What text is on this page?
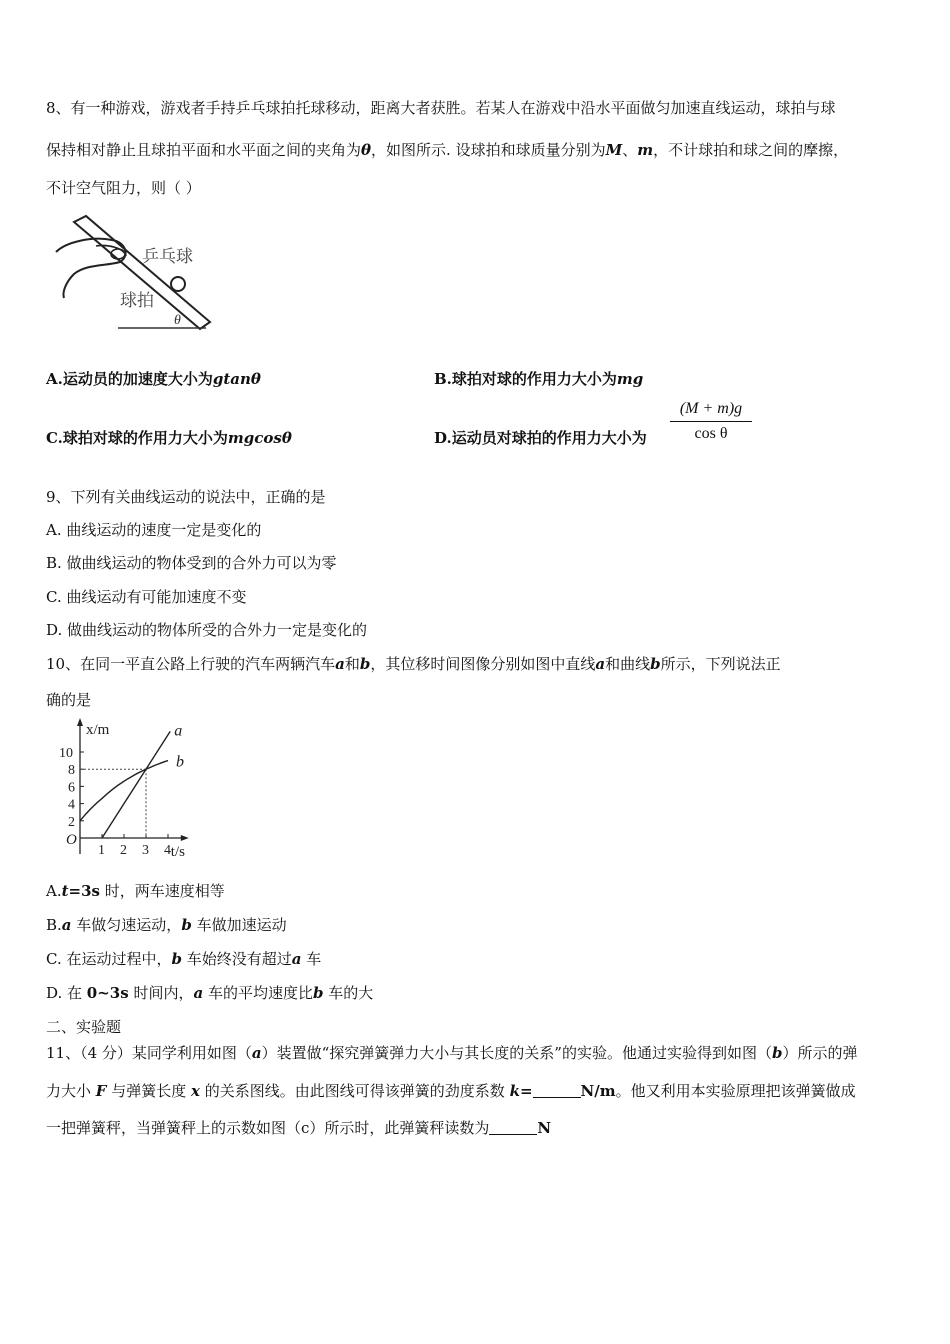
8、有一种游戏，游戏者手持乒乓球拍托球移动，距离大者获胜。若某人在游戏中沿水平面做匀加速直线运动，球拍与球
保持相对静止且球拍平面和水平面之间的夹角为θ，如图所示. 设球拍和球质量分别为M、m，不计球拍和球之间的摩擦，
不计空气阻力，则（ ）
乒乓球
球拍
θ
A.运动员的加速度大小为gtanθ	B.球拍对球的作用力大小为mg
C.球拍对球的作用力大小为mgcosθ	D.运动员对球拍的作用力大小为 $\frac{(M + m)g}{\text{cos θ}}$
9、下列有关曲线运动的说法中，正确的是
A. 曲线运动的速度一定是变化的
B. 做曲线运动的物体受到的合外力可以为零
C. 曲线运动有可能加速度不变
D. 做曲线运动的物体所受的合外力一定是变化的
10、在同一平直公路上行驶的汽车两辆汽车a和b，其位移时间图像分别如图中直线a和曲线b所示，下列说法正
确的是
1 2 3 4
2
4
6
8
10
O
t/s
x/m	a
b
A.t=3s 时，两车速度相等
B.a 车做匀速运动，b 车做加速运动
C. 在运动过程中，b 车始终没有超过a 车
D. 在 0~3s 时间内，a 车的平均速度比b 车的大
二、实验题
11、（4 分）某同学利用如图（a）装置做“探究弹簧弹力大小与其长度的关系”的实验。他通过实验得到如图（b）所示的弹
力大小 F 与弹簧长度 x 的关系图线。由此图线可得该弹簧的劲度系数 k=	N/m。他又利用本实验原理把该弹簧做成
一把弹簧秤，当弹簧秤上的示数如图（c）所示时，此弹簧秤读数为	N
